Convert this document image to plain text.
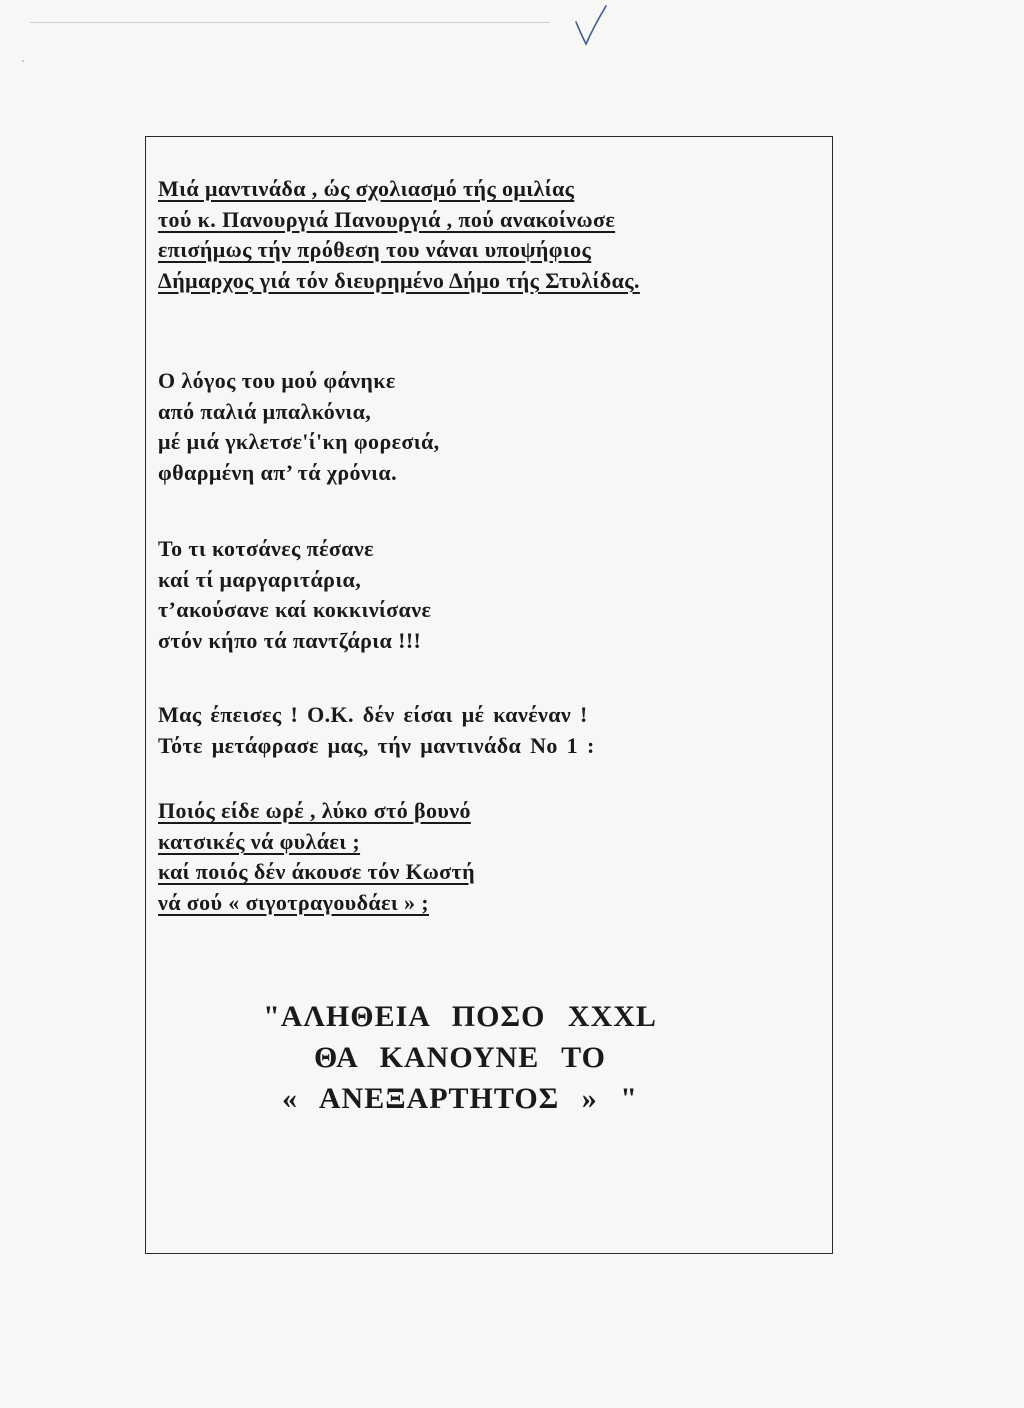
Μιά μαντινάδα , ώς σχολιασμό τής ομιλίας
τού κ. Πανουργιά Πανουργιά , πού ανακοίνωσε
επισήμως τήν πρόθεση του νάναι υποψήφιος
Δήμαρχος γιά τόν διευρημένο Δήμο τής Στυλίδας.
Ο λόγος του μού φάνηκε
από παλιά μπαλκόνια,
μέ μιά γκλετσε'ί'κη φορεσιά,
φθαρμένη απ’ τά χρόνια.
Το τι κοτσάνες πέσανε
καί τί μαργαριτάρια,
τ’ακούσανε καί κοκκινίσανε
στόν κήπο τά παντζάρια !!!
Μας έπεισες ! Ο.Κ. δέν είσαι μέ κανέναν !
Τότε μετάφρασε μας, τήν μαντινάδα Νο 1 :
Ποιός είδε ωρέ , λύκο στό βουνό
κατσικές νά φυλάει ;
καί ποιός δέν άκουσε τόν Κωστή
νά σού « σιγοτραγουδάει » ;
"ΑΛΗΘΕΙΑ ΠΟΣΟ XXXL
ΘΑ ΚΑΝΟΥΝΕ ΤΟ
« ΑΝΕΞΑΡΤΗΤΟΣ » "
